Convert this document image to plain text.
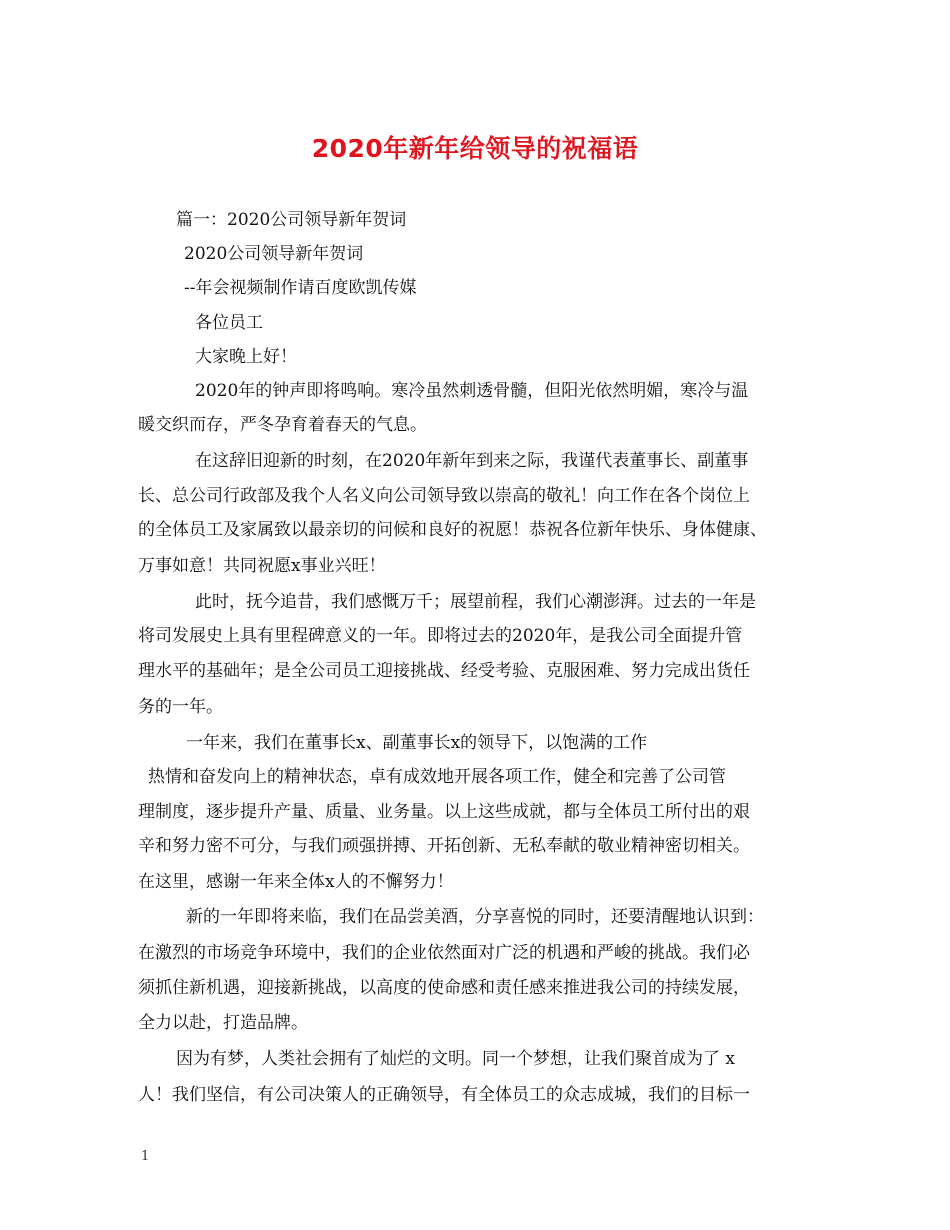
2020年新年给领导的祝福语
篇一：2020公司领导新年贺词
2020公司领导新年贺词
--年会视频制作请百度欧凯传媒
各位员工
大家晚上好！
2020年的钟声即将鸣响。寒冷虽然刺透骨髓，但阳光依然明媚，寒冷与温
暖交织而存，严冬孕育着春天的气息。
在这辞旧迎新的时刻，在2020年新年到来之际，我谨代表董事长、副董事
长、总公司行政部及我个人名义向公司领导致以崇高的敬礼！向工作在各个岗位上
的全体员工及家属致以最亲切的问候和良好的祝愿！恭祝各位新年快乐、身体健康、
万事如意！共同祝愿x事业兴旺！
此时，抚今追昔，我们感慨万千；展望前程，我们心潮澎湃。过去的一年是
将司发展史上具有里程碑意义的一年。即将过去的2020年，是我公司全面提升管
理水平的基础年；是全公司员工迎接挑战、经受考验、克服困难、努力完成出货任
务的一年。
一年来，我们在董事长x、副董事长x的领导下，以饱满的工作
热情和奋发向上的精神状态，卓有成效地开展各项工作，健全和完善了公司管
理制度，逐步提升产量、质量、业务量。以上这些成就，都与全体员工所付出的艰
辛和努力密不可分，与我们顽强拼搏、开拓创新、无私奉献的敬业精神密切相关。
在这里，感谢一年来全体x人的不懈努力！
新的一年即将来临，我们在品尝美酒，分享喜悦的同时，还要清醒地认识到：
在激烈的市场竞争环境中，我们的企业依然面对广泛的机遇和严峻的挑战。我们必
须抓住新机遇，迎接新挑战，以高度的使命感和责任感来推进我公司的持续发展，
全力以赴，打造品牌。
因为有梦，人类社会拥有了灿烂的文明。同一个梦想，让我们聚首成为了 x
人！我们坚信，有公司决策人的正确领导，有全体员工的众志成城，我们的目标一
1
